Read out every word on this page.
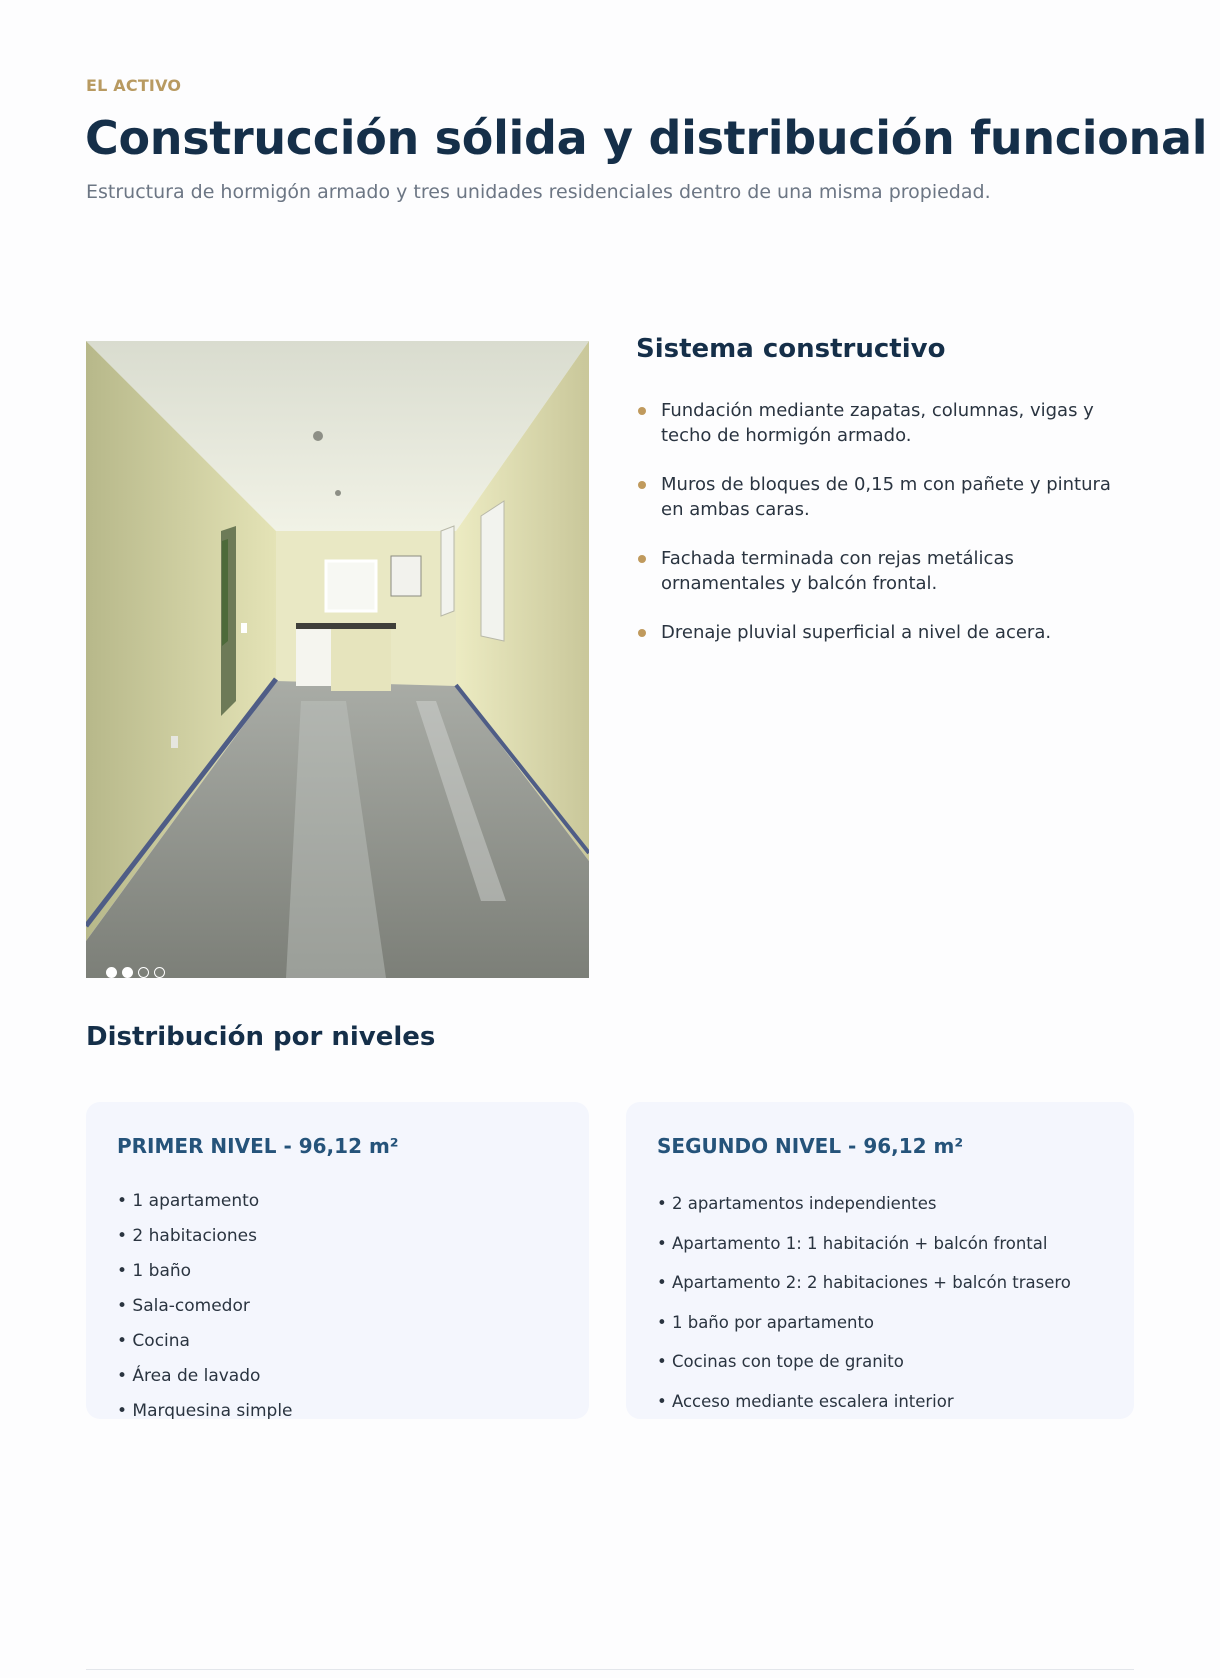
EL ACTIVO
Construcción sólida y distribución funcional
Estructura de hormigón armado y tres unidades residenciales dentro de una misma propiedad.
Sistema constructivo
Fundación mediante zapatas, columnas, vigas y techo de hormigón armado.
Muros de bloques de 0,15 m con pañete y pintura en ambas caras.
Fachada terminada con rejas metálicas ornamentales y balcón frontal.
Drenaje pluvial superficial a nivel de acera.
Distribución por niveles
PRIMER NIVEL - 96,12 m²
• 1 apartamento
• 2 habitaciones
• 1 baño
• Sala-comedor
• Cocina
• Área de lavado
• Marquesina simple
SEGUNDO NIVEL - 96,12 m²
• 2 apartamentos independientes
• Apartamento 1: 1 habitación + balcón frontal
• Apartamento 2: 2 habitaciones + balcón trasero
• 1 baño por apartamento
• Cocinas con tope de granito
• Acceso mediante escalera interior
